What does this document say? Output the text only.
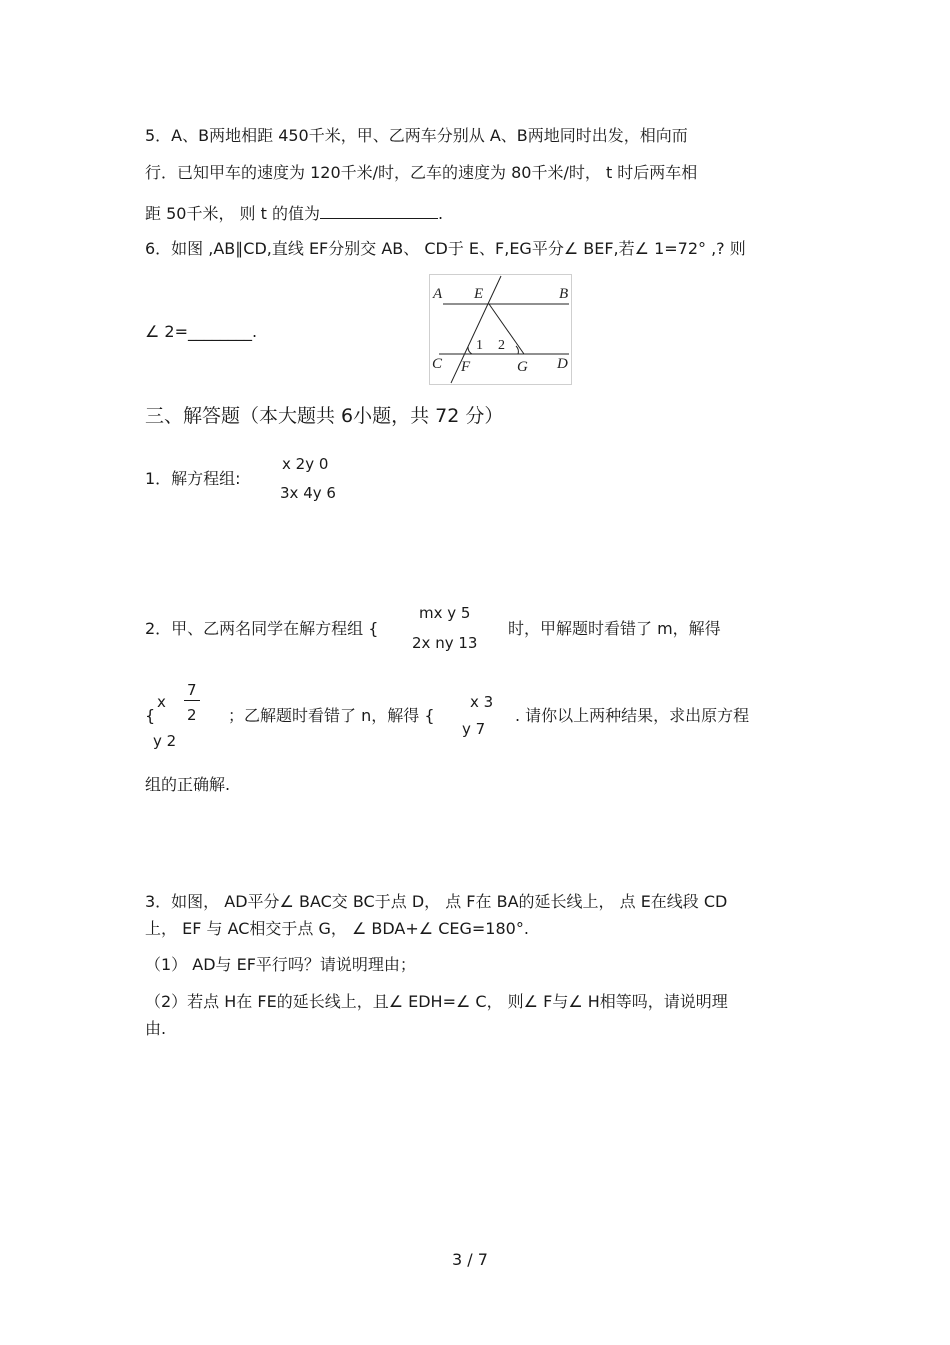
5．A、B两地相距 450千米，甲、乙两车分别从 A、B两地同时出发，相向而
行．已知甲车的速度为 120千米/时，乙车的速度为 80千米/时， t 时后两车相
距 50千米， 则 t 的值为	.
6．如图 ,AB∥CD,直线 EF分别交 AB、 CD于 E、F,EG平分∠ BEF,若∠ 1=72° ,? 则
∠ 2=________.
A E	B
C F	G D
1 2
三、解答题（本大题共 6小题，共 72 分）
1．解方程组:
x 2y 0
3x 4y 6
2．甲、乙两名同学在解方程组 {
mx y 5
2x ny 13
时，甲解题时看错了 m，解得
{
x
7
2
y 2
；乙解题时看错了 n，解得 {
x 3
y 7
. 请你以上两种结果，求出原方程
组的正确解.
3．如图， AD平分∠ BAC交 BC于点 D， 点 F在 BA的延长线上， 点 E在线段 CD
上， EF 与 AC相交于点 G， ∠ BDA+∠ CEG=180°.
（1） AD与 EF平行吗？请说明理由；
（2）若点 H在 FE的延长线上，且∠ EDH=∠ C， 则∠ F与∠ H相等吗，请说明理
由.
3 / 7
